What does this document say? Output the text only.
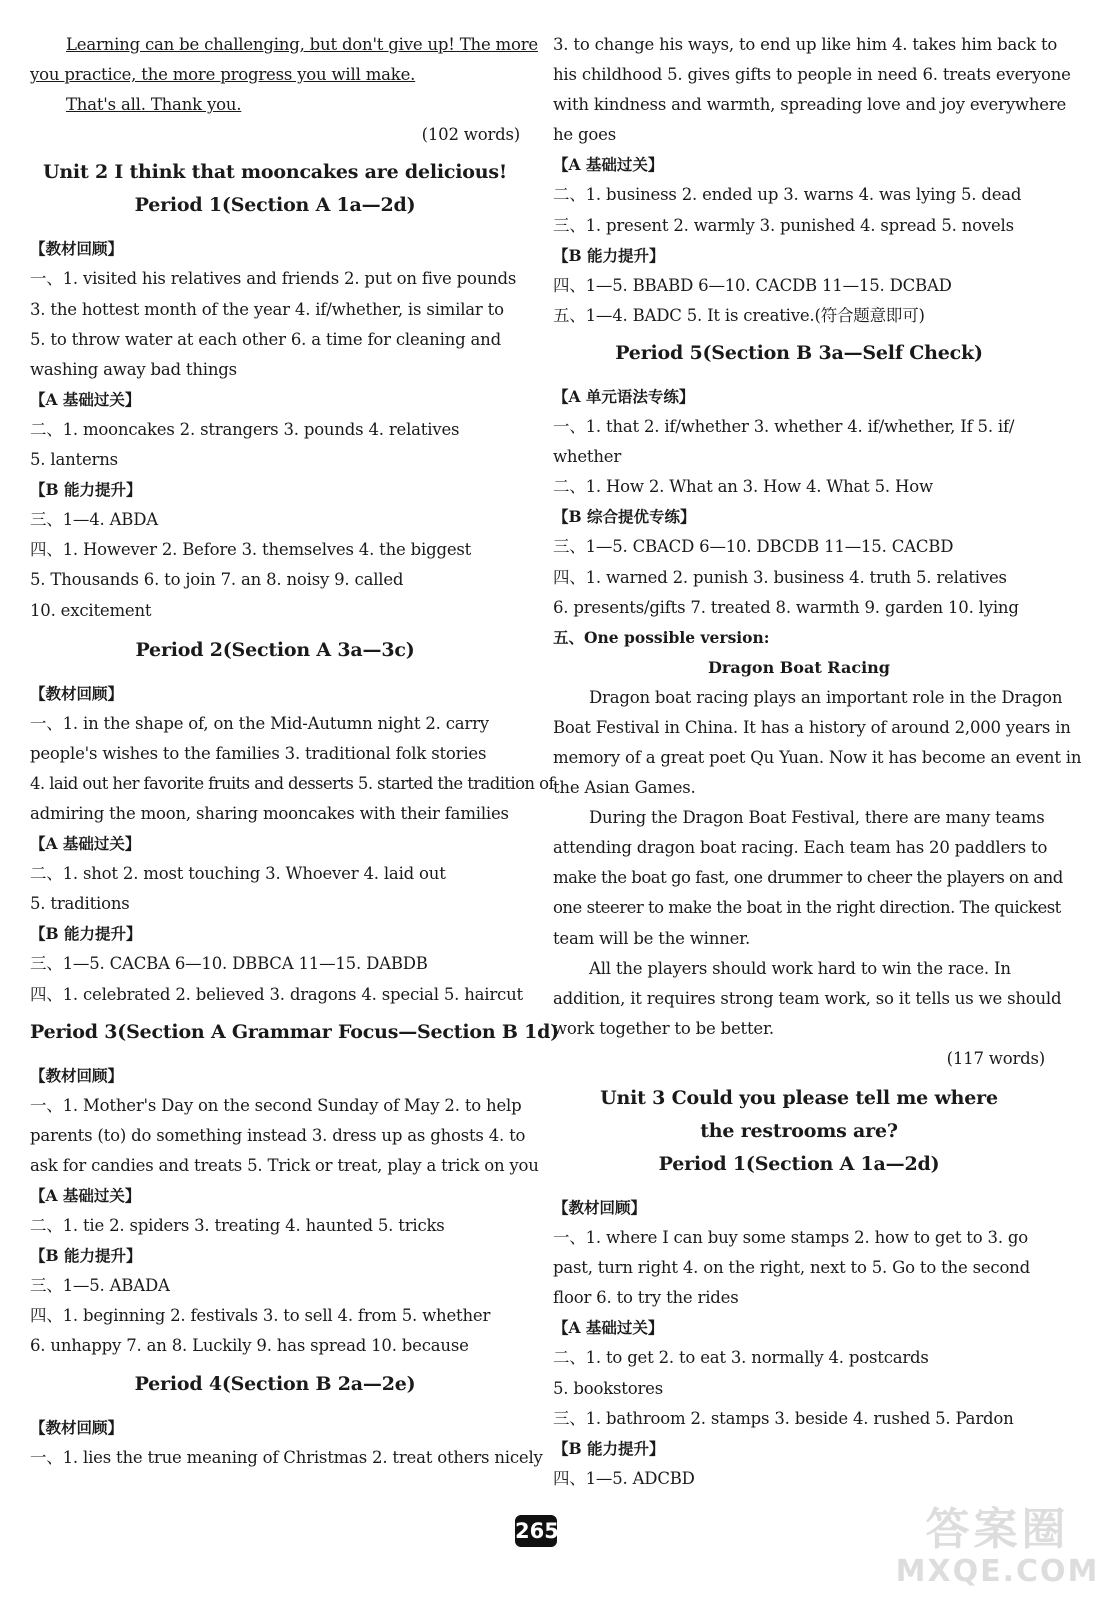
Learning can be challenging, but don't give up! The more
you practice, the more progress you will make.
That's all. Thank you.
(102 words)
Unit 2 I think that mooncakes are delicious!
Period 1(Section A 1a—2d)
【教材回顾】
一、1. visited his relatives and friends 2. put on five pounds
3. the hottest month of the year 4. if/whether, is similar to
5. to throw water at each other 6. a time for cleaning and
washing away bad things
【A 基础过关】
二、1. mooncakes 2. strangers 3. pounds 4. relatives
5. lanterns
【B 能力提升】
三、1—4. ABDA
四、1. However 2. Before 3. themselves 4. the biggest
5. Thousands 6. to join 7. an 8. noisy 9. called
10. excitement
Period 2(Section A 3a—3c)
【教材回顾】
一、1. in the shape of, on the Mid-Autumn night 2. carry
people's wishes to the families 3. traditional folk stories
4. laid out her favorite fruits and desserts 5. started the tradition of
admiring the moon, sharing mooncakes with their families
【A 基础过关】
二、1. shot 2. most touching 3. Whoever 4. laid out
5. traditions
【B 能力提升】
三、1—5. CACBA 6—10. DBBCA 11—15. DABDB
四、1. celebrated 2. believed 3. dragons 4. special 5. haircut
Period 3(Section A Grammar Focus—Section B 1d)
【教材回顾】
一、1. Mother's Day on the second Sunday of May 2. to help
parents (to) do something instead 3. dress up as ghosts 4. to
ask for candies and treats 5. Trick or treat, play a trick on you
【A 基础过关】
二、1. tie 2. spiders 3. treating 4. haunted 5. tricks
【B 能力提升】
三、1—5. ABADA
四、1. beginning 2. festivals 3. to sell 4. from 5. whether
6. unhappy 7. an 8. Luckily 9. has spread 10. because
Period 4(Section B 2a—2e)
【教材回顾】
一、1. lies the true meaning of Christmas 2. treat others nicely
3. to change his ways, to end up like him 4. takes him back to
his childhood 5. gives gifts to people in need 6. treats everyone
with kindness and warmth, spreading love and joy everywhere
he goes
【A 基础过关】
二、1. business 2. ended up 3. warns 4. was lying 5. dead
三、1. present 2. warmly 3. punished 4. spread 5. novels
【B 能力提升】
四、1—5. BBABD 6—10. CACDB 11—15. DCBAD
五、1—4. BADC 5. It is creative.(符合题意即可)
Period 5(Section B 3a—Self Check)
【A 单元语法专练】
一、1. that 2. if/whether 3. whether 4. if/whether, If 5. if/
whether
二、1. How 2. What an 3. How 4. What 5. How
【B 综合提优专练】
三、1—5. CBACD 6—10. DBCDB 11—15. CACBD
四、1. warned 2. punish 3. business 4. truth 5. relatives
6. presents/gifts 7. treated 8. warmth 9. garden 10. lying
五、One possible version:
Dragon Boat Racing
Dragon boat racing plays an important role in the Dragon
Boat Festival in China. It has a history of around 2,000 years in
memory of a great poet Qu Yuan. Now it has become an event in
the Asian Games.
During the Dragon Boat Festival, there are many teams
attending dragon boat racing. Each team has 20 paddlers to
make the boat go fast, one drummer to cheer the players on and
one steerer to make the boat in the right direction. The quickest
team will be the winner.
All the players should work hard to win the race. In
addition, it requires strong team work, so it tells us we should
work together to be better.
(117 words)
Unit 3 Could you please tell me where
the restrooms are?
Period 1(Section A 1a—2d)
【教材回顾】
一、1. where I can buy some stamps 2. how to get to 3. go
past, turn right 4. on the right, next to 5. Go to the second
floor 6. to try the rides
【A 基础过关】
二、1. to get 2. to eat 3. normally 4. postcards
5. bookstores
三、1. bathroom 2. stamps 3. beside 4. rushed 5. Pardon
【B 能力提升】
四、1—5. ADCBD
265	答案圈
MXQE.COM
